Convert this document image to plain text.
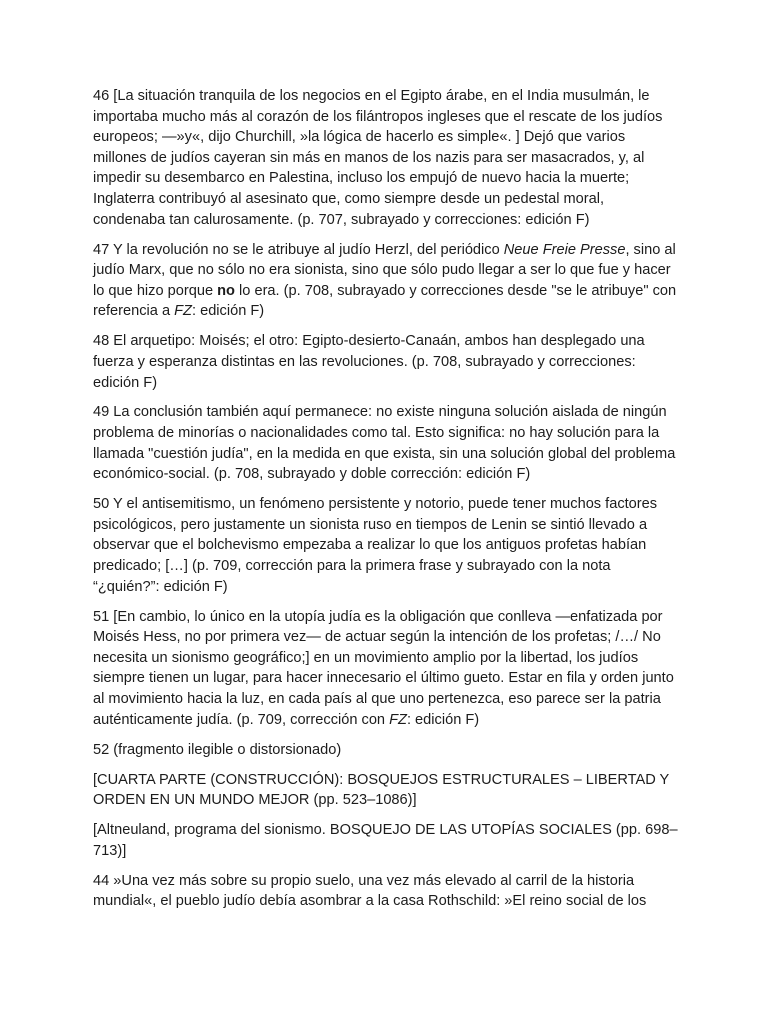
46 [La situación tranquila de los negocios en el Egipto árabe, en el India musulmán, le importaba mucho más al corazón de los filántropos ingleses que el rescate de los judíos europeos; —»y«, dijo Churchill, »la lógica de hacerlo es simple«. ] Dejó que varios millones de judíos cayeran sin más en manos de los nazis para ser masacrados, y, al impedir su desembarco en Palestina, incluso los empujó de nuevo hacia la muerte; Inglaterra contribuyó al asesinato que, como siempre desde un pedestal moral, condenaba tan calurosamente. (p. 707, subrayado y correcciones: edición F)

47 Y la revolución no se le atribuye al judío Herzl, del periódico Neue Freie Presse, sino al judío Marx, que no sólo no era sionista, sino que sólo pudo llegar a ser lo que fue y hacer lo que hizo porque no lo era. (p. 708, subrayado y correcciones desde "se le atribuye" con referencia a FZ: edición F)

48 El arquetipo: Moisés; el otro: Egipto-desierto-Canaán, ambos han desplegado una fuerza y esperanza distintas en las revoluciones. (p. 708, subrayado y correcciones: edición F)

49 La conclusión también aquí permanece: no existe ninguna solución aislada de ningún problema de minorías o nacionalidades como tal. Esto significa: no hay solución para la llamada "cuestión judía", en la medida en que exista, sin una solución global del problema económico-social. (p. 708, subrayado y doble corrección: edición F)

50 Y el antisemitismo, un fenómeno persistente y notorio, puede tener muchos factores psicológicos, pero justamente un sionista ruso en tiempos de Lenin se sintió llevado a observar que el bolchevismo empezaba a realizar lo que los antiguos profetas habían predicado; […] (p. 709, corrección para la primera frase y subrayado con la nota “¿quién?”: edición F)

51 [En cambio, lo único en la utopía judía es la obligación que conlleva —enfatizada por Moisés Hess, no por primera vez— de actuar según la intención de los profetas; /…/ No necesita un sionismo geográfico;] en un movimiento amplio por la libertad, los judíos siempre tienen un lugar, para hacer innecesario el último gueto. Estar en fila y orden junto al movimiento hacia la luz, en cada país al que uno pertenezca, eso parece ser la patria auténticamente judía. (p. 709, corrección con FZ: edición F)

52 (fragmento ilegible o distorsionado)

[CUARTA PARTE (CONSTRUCCIÓN): BOSQUEJOS ESTRUCTURALES – LIBERTAD Y ORDEN EN UN MUNDO MEJOR (pp. 523–1086)]

[Altneuland, programa del sionismo. BOSQUEJO DE LAS UTOPÍAS SOCIALES (pp. 698–713)]

44 »Una vez más sobre su propio suelo, una vez más elevado al carril de la historia mundial«, el pueblo judío debía asombrar a la casa Rothschild: »El reino social de los
